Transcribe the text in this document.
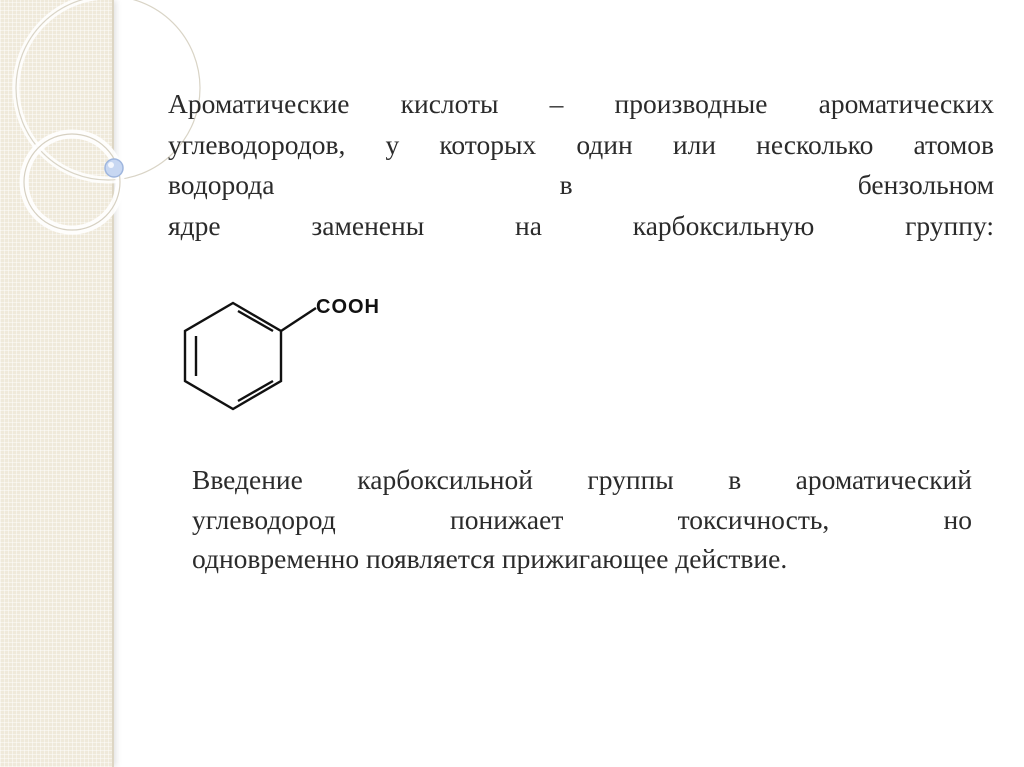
Ароматические кислоты – производные ароматических
углеводородов, у которых один или несколько атомов
водорода в бензольном
ядре заменены на карбоксильную группу:
COOH
Введение карбоксильной группы в ароматический
углеводород понижает токсичность, но
одновременно появляется прижигающее действие.
